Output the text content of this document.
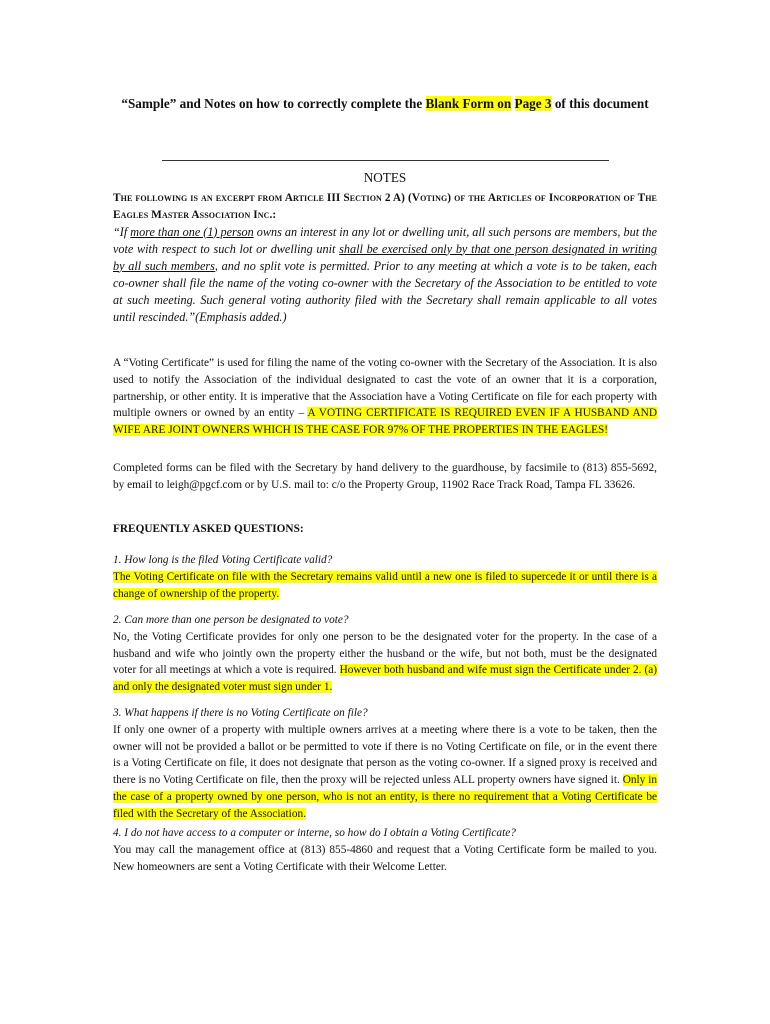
“Sample” and Notes on how to correctly complete the Blank Form on Page 3 of this document
NOTES

The following is an excerpt from Article III Section 2 A) (Voting) of the Articles of Incorporation of The Eagles Master Association Inc.:

“If more than one (1) person owns an interest in any lot or dwelling unit, all such persons are members, but the vote with respect to such lot or dwelling unit shall be exercised only by that one person designated in writing by all such members, and no split vote is permitted. Prior to any meeting at which a vote is to be taken, each co-owner shall file the name of the voting co-owner with the Secretary of the Association to be entitled to vote at such meeting. Such general voting authority filed with the Secretary shall remain applicable to all votes until rescinded.”(Emphasis added.)

A “Voting Certificate” is used for filing the name of the voting co-owner with the Secretary of the Association. It is also used to notify the Association of the individual designated to cast the vote of an owner that it is a corporation, partnership, or other entity. It is imperative that the Association have a Voting Certificate on file for each property with multiple owners or owned by an entity – A VOTING CERTIFICATE IS REQUIRED EVEN IF A HUSBAND AND WIFE ARE JOINT OWNERS WHICH IS THE CASE FOR 97% OF THE PROPERTIES IN THE EAGLES!

Completed forms can be filed with the Secretary by hand delivery to the guardhouse, by facsimile to (813) 855-5692, by email to leigh@pgcf.com or by U.S. mail to: c/o the Property Group, 11902 Race Track Road, Tampa FL 33626.

FREQUENTLY ASKED QUESTIONS:

1. How long is the filed Voting Certificate valid?

The Voting Certificate on file with the Secretary remains valid until a new one is filed to supercede it or until there is a change of ownership of the property.

2. Can more than one person be designated to vote?

No, the Voting Certificate provides for only one person to be the designated voter for the property. In the case of a husband and wife who jointly own the property either the husband or the wife, but not both, must be the designated voter for all meetings at which a vote is required. However both husband and wife must sign the Certificate under 2. (a) and only the designated voter must sign under 1.

3. What happens if there is no Voting Certificate on file?

If only one owner of a property with multiple owners arrives at a meeting where there is a vote to be taken, then the owner will not be provided a ballot or be permitted to vote if there is no Voting Certificate on file, or in the event there is a Voting Certificate on file, it does not designate that person as the voting co-owner. If a signed proxy is received and there is no Voting Certificate on file, then the proxy will be rejected unless ALL property owners have signed it. Only in the case of a property owned by one person, who is not an entity, is there no requirement that a Voting Certificate be filed with the Secretary of the Association.

4. I do not have access to a computer or interne, so how do I obtain a Voting Certificate?

You may call the management office at (813) 855-4860 and request that a Voting Certificate form be mailed to you. New homeowners are sent a Voting Certificate with their Welcome Letter.
